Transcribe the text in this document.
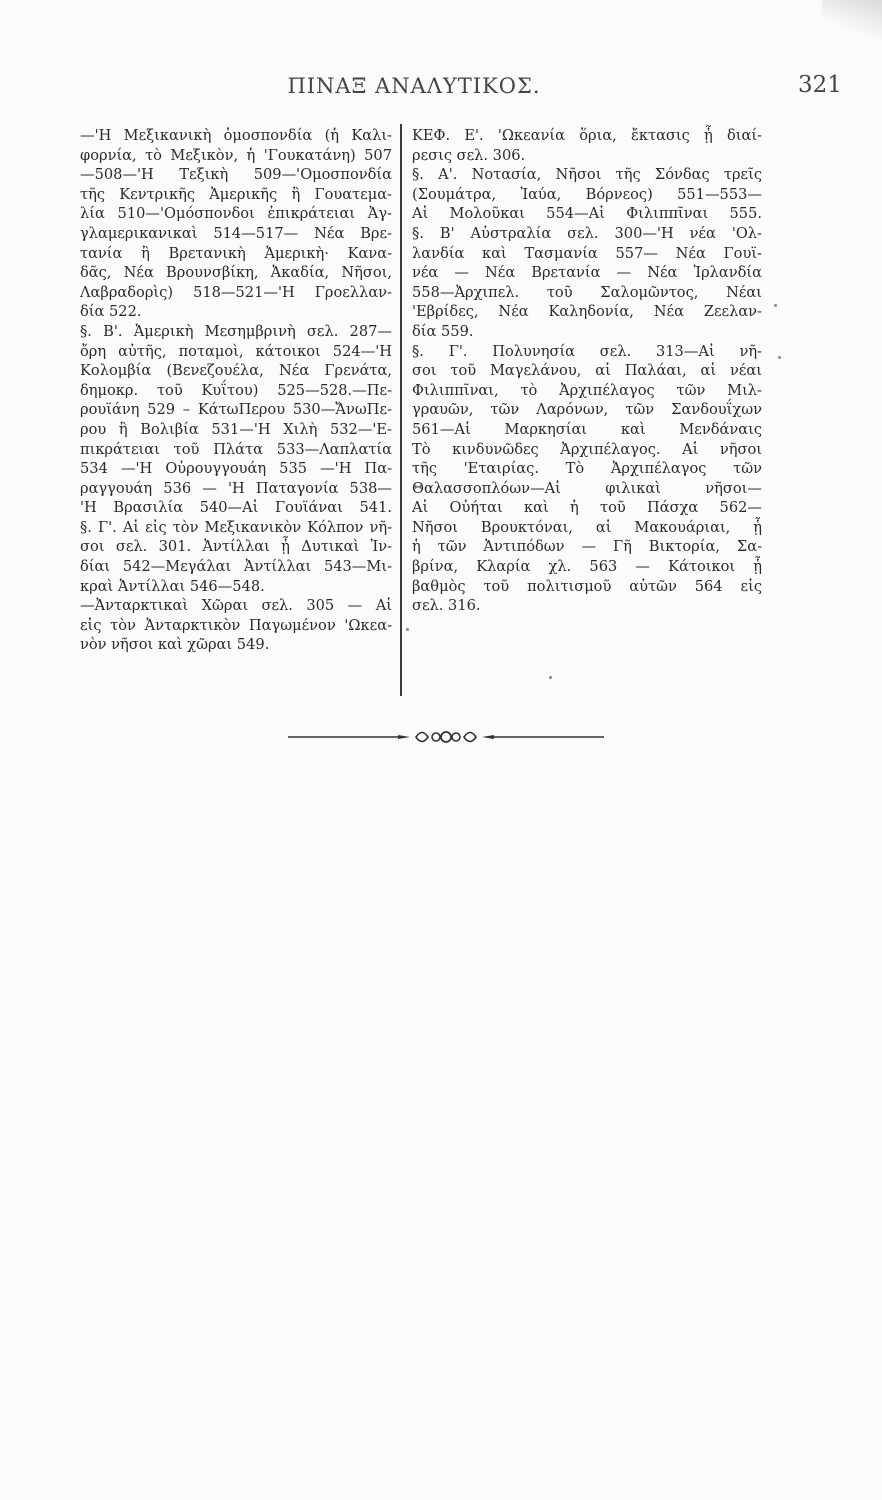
ΠΙΝΑΞ ΑΝΑΛΥΤΙΚΟΣ.	321
—'Η Μεξικανικὴ ὁμοσπονδία (ἡ Καλι-
φορνία, τὸ Μεξικὸν, ἡ 'Γουκατάνη) 507
—508—'Η Τεξικὴ 509—'Ομοσπονδία
τῆς Κεντρικῆς Ἀμερικῆς ἢ Γουατεμα-
λία 510—'Ομόσπονδοι ἐπικράτειαι Ἀγ-
γλαμερικανικαὶ 514—517— Νέα Βρε-
τανία ἢ Βρετανικὴ Ἀμερικὴ· Κανα-
δᾶς, Νέα Βρουνσβίκη, Ἀκαδία, Νῆσοι,
Λαβραδορὶς) 518—521—'Η Γροελλαν-
δία 522.
§. Β'. Ἀμερικὴ Μεσημβρινὴ σελ. 287—
ὄρη αὐτῆς, ποταμοὶ, κάτοικοι 524—'Η
Κολομβία (Βενεζουέλα, Νέα Γρενάτα,
δημοκρ. τοῦ Κυΐτου) 525—528.—Πε-
ρουϊάνη 529 – ΚάτωΠερου 530—ἌνωΠε-
ρου ἢ Βολιβία 531—'Η Χιλὴ 532—'Ε-
πικράτειαι τοῦ Πλάτα 533—Λαπλατία
534 —'Η Οὐρουγγουάη 535 —'Η Πα-
ραγγουάη 536 — 'Η Παταγονία 538—
'Η Βρασιλία 540—Αἱ Γουϊάναι 541.
§. Γ'. Αἱ εἰς τὸν Μεξικανικὸν Κόλπον νῆ-
σοι σελ. 301. Ἀντίλλαι ᾗ Δυτικαὶ Ἰν-
δίαι 542—Μεγάλαι Ἀντίλλαι 543—Μι-
κραὶ Ἀντίλλαι 546—548.
—Ἀνταρκτικαὶ Χῶραι σελ. 305 — Αἱ
εἰς τὸν Ἀνταρκτικὸν Παγωμένον 'Ωκεα-
νὸν νῆσοι καὶ χῶραι 549.
ΚΕΦ. Ε'. 'Ωκεανία ὅρια, ἔκτασις ᾗ διαί-
ρεσις σελ. 306.
§. Α'. Νοτασία, Νῆσοι τῆς Σόνδας τρεῖς
(Σουμάτρα, Ἰαύα, Βόρνεος) 551—553—
Αἱ Μολοῦκαι 554—Αἱ Φιλιππῖναι 555.
§. Β' Αὐστραλία σελ. 300—'Η νέα 'Ολ-
λανδία καὶ Τασμανία 557— Νέα Γουϊ-
νέα — Νέα Βρετανία — Νέα Ἰρλανδία
558—Ἀρχιπελ. τοῦ Σαλομῶντος, Νέαι
'Εβρίδες, Νέα Καληδονία, Νέα Ζεελαν-
δία 559.
§. Γ'. Πολυνησία σελ. 313—Αἱ νῆ-
σοι τοῦ Μαγελάνου, αἱ Παλάαι, αἱ νέαι
Φιλιππῖναι, τὸ Ἀρχιπέλαγος τῶν Μιλ-
γραυῶν, τῶν Λαρόνων, τῶν Σανδουΐχων
561—Αἱ Μαρκησίαι καὶ Μενδάναις
Τὸ κινδυνῶδες Ἀρχιπέλαγος. Αἱ νῆσοι
τῆς 'Εταιρίας. Τὸ Ἀρχιπέλαγος τῶν
Θαλασσοπλόων—Αἱ φιλικαὶ νῆσοι—
Αἱ Οὐήται καὶ ἡ τοῦ Πάσχα 562—
Νῆσοι Βρουκτόναι, αἱ Μακουάριαι, ᾗ
ἡ τῶν Ἀντιπόδων — Γῆ Βικτορία, Σα-
βρίνα, Κλαρία χλ. 563 — Κάτοικοι ᾗ
βαθμὸς τοῦ πολιτισμοῦ αὐτῶν 564 εἰς
σελ. 316.
